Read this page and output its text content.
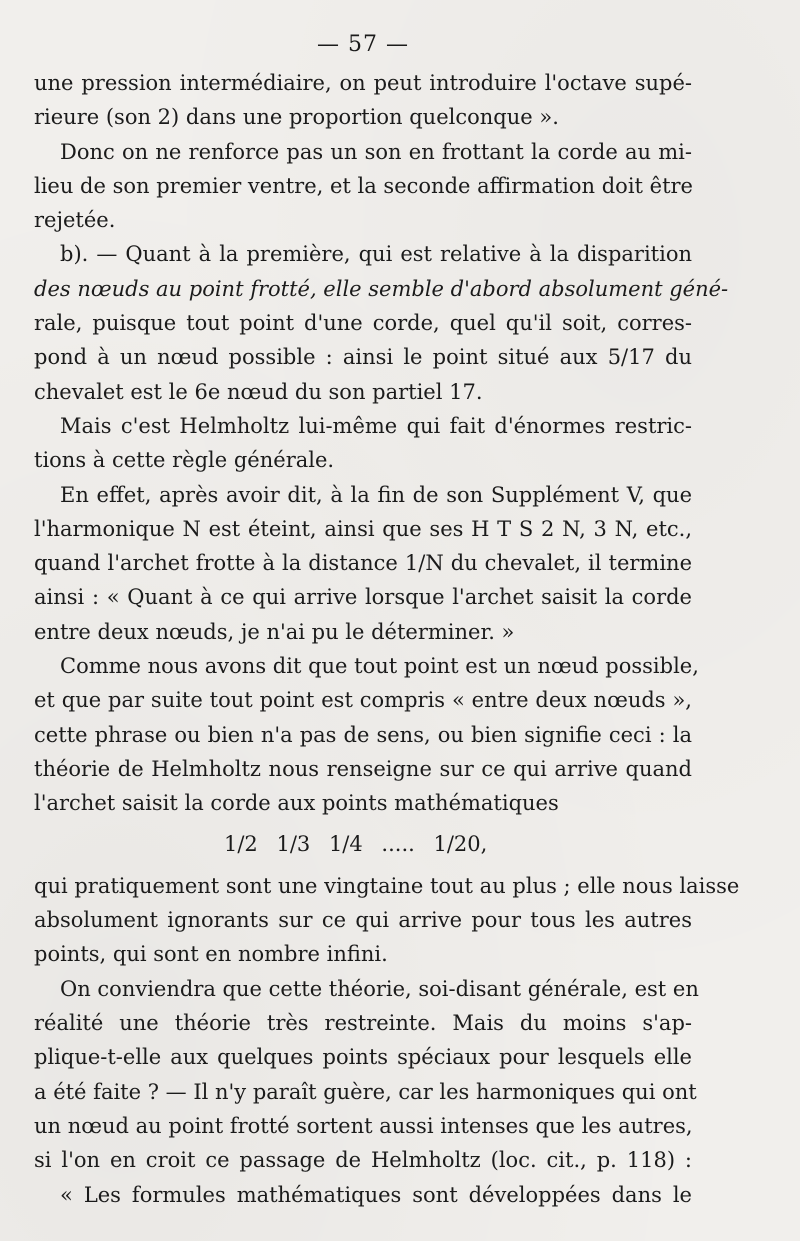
— 57 —
une pression intermédiaire, on peut introduire l'octave supé-
rieure (son 2) dans une proportion quelconque ».
Donc on ne renforce pas un son en frottant la corde au mi-
lieu de son premier ventre, et la seconde affirmation doit être
rejetée.
b). — Quant à la première, qui est relative à la disparition
des nœuds au point frotté, elle semble d'abord absolument géné-
rale, puisque tout point d'une corde, quel qu'il soit, corres-
pond à un nœud possible : ainsi le point situé aux 5/17 du
chevalet est le 6e nœud du son partiel 17.
Mais c'est Helmholtz lui-même qui fait d'énormes restric-
tions à cette règle générale.
En effet, après avoir dit, à la fin de son Supplément V, que
l'harmonique N est éteint, ainsi que ses H T S 2 N, 3 N, etc.,
quand l'archet frotte à la distance 1/N du chevalet, il termine
ainsi : « Quant à ce qui arrive lorsque l'archet saisit la corde
entre deux nœuds, je n'ai pu le déterminer. »
Comme nous avons dit que tout point est un nœud possible,
et que par suite tout point est compris « entre deux nœuds »,
cette phrase ou bien n'a pas de sens, ou bien signifie ceci : la
théorie de Helmholtz nous renseigne sur ce qui arrive quand
l'archet saisit la corde aux points mathématiques
1/2 1/3 1/4 ..... 1/20,
qui pratiquement sont une vingtaine tout au plus ; elle nous laisse
absolument ignorants sur ce qui arrive pour tous les autres
points, qui sont en nombre infini.
On conviendra que cette théorie, soi-disant générale, est en
réalité une théorie très restreinte. Mais du moins s'ap-
plique-t-elle aux quelques points spéciaux pour lesquels elle
a été faite ? — Il n'y paraît guère, car les harmoniques qui ont
un nœud au point frotté sortent aussi intenses que les autres,
si l'on en croit ce passage de Helmholtz (loc. cit., p. 118) :
« Les formules mathématiques sont développées dans le
